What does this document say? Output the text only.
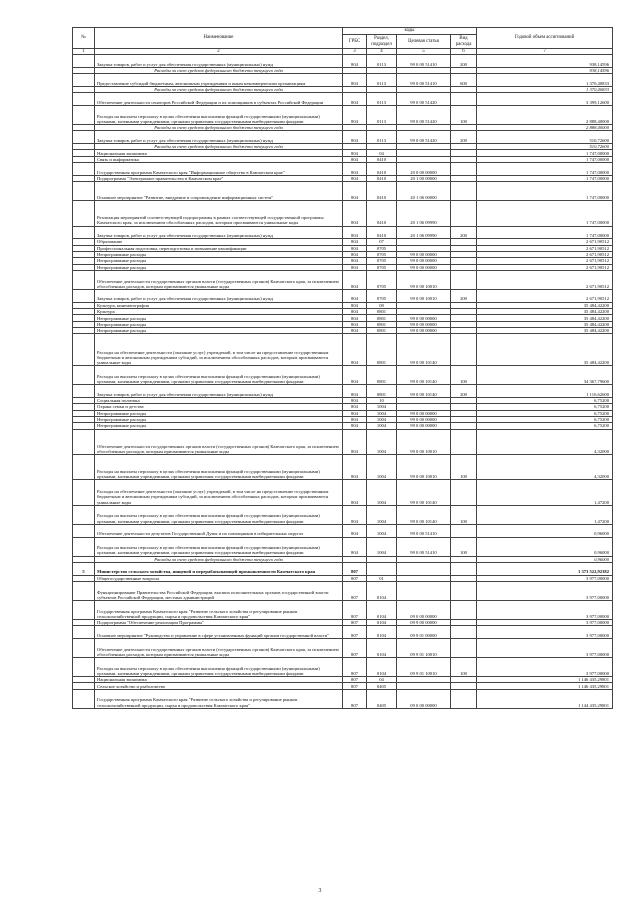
№	Наименование	коды				Годовой объем ассигнований
		ГРБС	Раздел, подраздел	Целевая статья	Вид расхода	
1	2	3	4	5	6	7
	Закупка товаров, работ и услуг для обеспечения государственных (муниципальных) нужд	804	0113	99 0 00 51410	200	938,14596
	Расходы за счет средств федерального бюджета текущего года					938,14596
	Предоставление субсидий бюджетным, автономным учреждениям и иным некоммерческим организациям	804	0113	99 0 00 51410	600	1 370,40833
	Расходы за счет средств федерального бюджета текущего года					1 370,40833
	Обеспечение деятельности сенаторов Российской Федерации и их помощников в субъектах Российской Федерации	804	0113	99 0 00 51420		3 399,12600
	Расходы на выплаты персоналу в целях обеспечения выполнения функций государственными (муниципальными) органами, казенными учреждениями, органами управления государственными внебюджетными фондами	804	0113	99 0 00 51420	100	2 888,40000
	Расходы за счет средств федерального бюджета текущего года					2 888,40000
	Закупка товаров, работ и услуг для обеспечения государственных (муниципальных) нужд	804	0113	99 0 00 51420	200	510,72600
	Расходы за счет средств федерального бюджета текущего года					510,72600
	Национальная экономика	804	04			1 747,00000
	Связь и информатика	804	0410			1 747,00000
	Государственная программа Камчатского края "Информационное общество в Камчатском крае"	804	0410	20 0 00 00000		1 747,00000
	Подпрограмма "Электронное правительство в Камчатском крае"	804	0410	20 1 00 00000		1 747,00000
	Основное мероприятие "Развитие, внедрение и сопровождение информационных систем"	804	0410	20 1 06 00000		1 747,00000
	Реализация мероприятий соответствующей подпрограммы в рамках соответствующей государственной программы Камчатского края, за исключением обособленных расходов, которым присваиваются уникальные коды	804	0410	20 1 06 09990		1 747,00000
	Закупка товаров, работ и услуг для обеспечения государственных (муниципальных) нужд	804	0410	20 1 06 09990	200	1 747,00000
	Образование	804	07			2 671,90512
	Профессиональная подготовка, переподготовка и повышение квалификации	804	0705			2 671,90512
	Непрограммные расходы	804	0705	99 0 00 00000		2 671,90512
	Непрограммные расходы	804	0705	99 0 00 00000		2 671,90512
	Непрограммные расходы	804	0705	99 0 00 00000		2 671,90512
	Обеспечение деятельности государственных органов власти (государственных органов) Камчатского края, за исключением обособленных расходов, которым присваиваются уникальные коды	804	0705	99 0 00 10010		2 671,90512
	Закупка товаров, работ и услуг для обеспечения государственных (муниципальных) нужд	804	0705	99 0 00 10010	200	2 671,90512
	Культура, кинематография	804	08			35 484,42200
	Культура	804	0801			35 484,42200
	Непрограммные расходы	804	0801	99 0 00 00000		35 484,42200
	Непрограммные расходы	804	0801	99 0 00 00000		35 484,42200
	Непрограммные расходы	804	0801	99 0 00 00000		35 484,42200
	Расходы на обеспечение деятельности (оказание услуг) учреждений, в том числе на предоставление государственным бюджетным и автономным учреждениям субсидий, за исключением обособленных расходов, которым присваиваются уникальные коды	804	0801	99 0 00 10140		35 484,42200
	Расходы на выплаты персоналу в целях обеспечения выполнения функций государственными (муниципальными) органами, казенными учреждениями, органами управления государственными внебюджетными фондами	804	0801	99 0 00 10140	100	34 367,79600
	Закупка товаров, работ и услуг для обеспечения государственных (муниципальных) нужд	804	0801	99 0 00 10140	200	1 116,62600
	Социальная политика	804	10			6,75200
	Охрана семьи и детства	804	1004			6,75200
	Непрограммные расходы	804	1004	99 0 00 00000		6,75200
	Непрограммные расходы	804	1004	99 0 00 00000		6,75200
	Непрограммные расходы	804	1004	99 0 00 00000		6,75200
	Обеспечение деятельности государственных органов власти (государственных органов) Камчатского края, за исключением обособленных расходов, которым присваиваются уникальные коды	804	1004	99 0 00 10010		4,32000
	Расходы на выплаты персоналу в целях обеспечения выполнения функций государственными (муниципальными) органами, казенными учреждениями, органами управления государственными внебюджетными фондами	804	1004	99 0 00 10010	100	4,32000
	Расходы на обеспечение деятельности (оказание услуг) учреждений, в том числе на предоставление государственным бюджетным и автономным учреждениям субсидий, за исключением обособленных расходов, которым присваиваются уникальные коды	804	1004	99 0 00 10140		1,47200
	Расходы на выплаты персоналу в целях обеспечения выполнения функций государственными (муниципальными) органами, казенными учреждениями, органами управления государственными внебюджетными фондами	804	1004	99 0 00 10140	100	1,47200
	Обеспечение деятельности депутатов Государственной Думы и их помощников в избирательных округах	804	1004	99 0 00 51410		0,96000
	Расходы на выплаты персоналу в целях обеспечения выполнения функций государственными (муниципальными) органами, казенными учреждениями, органами управления государственными внебюджетными фондами	804	1004	99 0 00 51410	100	0,96000
	Расходы за счет средств федерального бюджета текущего года					0,96000
5	Министерство сельского хозяйства, пищевой и перерабатывающей промышленности Камчатского края	807				1 373 522,92382
	Общегосударственные вопросы	807	01			3 977,00000
	Функционирование Правительства Российской Федерации, высших исполнительных органов государственной власти субъектов Российской Федерации, местных администраций	807	0104			3 977,00000
	Государственная программа Камчатского края "Развитие сельского хозяйства и регулирование рынков сельскохозяйственной продукции, сырья и продовольствия Камчатского края"	807	0104	09 0 00 00000		3 977,00000
	Подпрограмма "Обеспечение реализации Программы"	807	0104	09 9 00 00000		3 977,00000
	Основное мероприятие "Руководство и управление в сфере установленных функций органов государственной власти"	807	0104	09 9 01 00000		3 977,00000
	Обеспечение деятельности государственных органов власти (государственных органов) Камчатского края, за исключением обособленных расходов, которым присваиваются уникальные коды	807	0104	09 9 01 10010		3 977,00000
	Расходы на выплаты персоналу в целях обеспечения выполнения функций государственными (муниципальными) органами, казенными учреждениями, органами управления государственными внебюджетными фондами	807	0104	09 9 01 10010	100	3 977,00000
	Национальная экономика	807	04			1 146 435,29801
	Сельское хозяйство и рыболовство	807	0405			1 146 435,29801
	Государственная программа Камчатского края "Развитие сельского хозяйства и регулирование рынков сельскохозяйственной продукции, сырья и продовольствия Камчатского края"	807	0405	09 0 00 00000		1 144 435,29801
3
